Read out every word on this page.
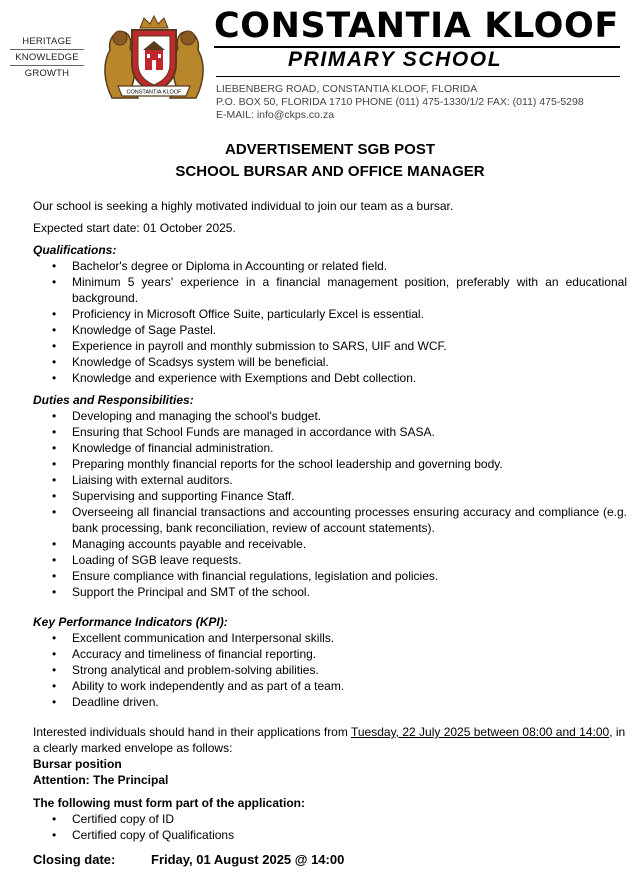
HERITAGE
KNOWLEDGE
GROWTH
CONSTANTIA KLOOF
CONSTANTIA KLOOF
PRIMARY SCHOOL
LIEBENBERG ROAD, CONSTANTIA KLOOF, FLORIDA
P.O. BOX 50, FLORIDA 1710 PHONE (011) 475-1330/1/2 FAX: (011) 475-5298
E-MAIL: info@ckps.co.za
ADVERTISEMENT SGB POST
SCHOOL BURSAR AND OFFICE MANAGER

Our school is seeking a highly motivated individual to join our team as a bursar.

Expected start date: 01 October 2025.

Qualifications:

• Bachelor's degree or Diploma in Accounting or related field.
• Minimum 5 years' experience in a financial management position, preferably with an educational background.
• Proficiency in Microsoft Office Suite, particularly Excel is essential.
• Knowledge of Sage Pastel.
• Experience in payroll and monthly submission to SARS, UIF and WCF.
• Knowledge of Scadsys system will be beneficial.
• Knowledge and experience with Exemptions and Debt collection.

Duties and Responsibilities:

• Developing and managing the school's budget.
• Ensuring that School Funds are managed in accordance with SASA.
• Knowledge of financial administration.
• Preparing monthly financial reports for the school leadership and governing body.
• Liaising with external auditors.
• Supervising and supporting Finance Staff.
• Overseeing all financial transactions and accounting processes ensuring accuracy and compliance (e.g. bank processing, bank reconciliation, review of account statements).
• Managing accounts payable and receivable.
• Loading of SGB leave requests.
• Ensure compliance with financial regulations, legislation and policies.
• Support the Principal and SMT of the school.

Key Performance Indicators (KPI):

• Excellent communication and Interpersonal skills.
• Accuracy and timeliness of financial reporting.
• Strong analytical and problem-solving abilities.
• Ability to work independently and as part of a team.
• Deadline driven.

Interested individuals should hand in their applications from Tuesday, 22 July 2025 between 08:00 and 14:00, in a clearly marked envelope as follows:

Bursar position

Attention: The Principal

The following must form part of the application:

• Certified copy of ID
• Certified copy of Qualifications

Closing date:	Friday, 01 August 2025 @ 14:00
